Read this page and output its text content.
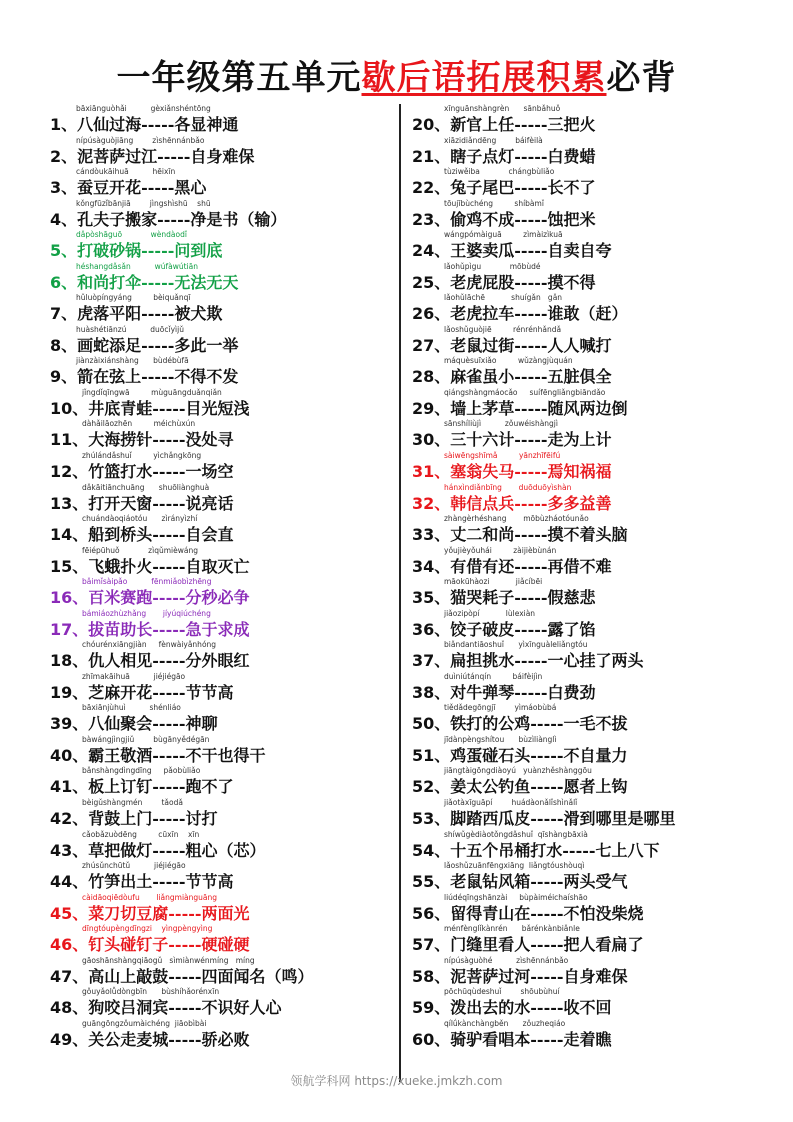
一年级第五单元歇后语拓展积累必背
bāxiānguòhǎi          gèxiǎnshéntōng
1、八仙过海-----各显神通
nípúsàguòjiāng        zìshēnnánbǎo
2、泥菩萨过江-----自身难保
cándòukāihuā          hēixīn
3、蚕豆开花-----黑心
kǒngfūzǐbānjiā        jìngshìshū    shū
4、孔夫子搬家-----净是书（输）
dǎpòshāguō            wèndàodǐ
5、打破砂锅-----问到底
héshangdǎsǎn          wúfàwútiān
6、和尚打伞-----无法无天
hǔluòpíngyáng         bèiquǎnqī
7、虎落平阳-----被犬欺
huàshétiānzú          duōcǐyìjǔ
8、画蛇添足-----多此一举
jiànzàixiánshàng      bùdébùfā
9、箭在弦上-----不得不发
jǐngdǐqīngwā         mùguāngduǎnqiǎn
10、井底青蛙-----目光短浅
dàhǎilāozhēn         méichùxún
11、大海捞针-----没处寻
zhúlándǎshuǐ         yìchǎngkōng
12、竹篮打水-----一场空
dǎkāitiānchuāng      shuōliànghuà
13、打开天窗-----说亮话
chuándàoqiáotóu      zìrányìzhí
14、船到桥头-----自会直
fēiépūhuǒ            zìqǔmièwáng
15、飞蛾扑火-----自取灭亡
bǎimǐsàipǎo          fēnmiǎobìzhēng
16、百米赛跑-----分秒必争
bámiáozhùzhǎng       jíyúqiúchéng
17、拔苗助长-----急于求成
chóurénxiāngjiàn     fènwàiyǎnhóng
18、仇人相见-----分外眼红
zhīmakāihuā          jiéjiégāo
19、芝麻开花-----节节高
bāxiānjùhuì          shénliáo
39、八仙聚会-----神聊
bàwángjìngjiǔ        bùgānyědégān
40、霸王敬酒-----不干也得干
bǎnshàngdìngdīng     pǎobùliǎo
41、板上订钉-----跑不了
bèigǔshàngmén        tǎodǎ
42、背鼓上门-----讨打
cǎobǎzuòdēng         cūxīn    xīn
43、草把做灯-----粗心（芯）
zhúsǔnchūtǔ          jiéjiégāo
44、竹笋出土-----节节高
càidāoqiēdòufu       liǎngmiànguāng
45、菜刀切豆腐-----两面光
dīngtóupèngdīngzi    yìngpèngyìng
46、钉头碰钉子-----硬碰硬
gāoshānshàngqiāogǔ   sìmiànwénmíng   míng
47、高山上敲鼓-----四面闻名（鸣）
gǒuyǎolǚdòngbīn      bùshíhǎorénxīn
48、狗咬吕洞宾-----不识好人心
guāngōngzǒumàichéng  jiāobìbài
49、关公走麦城-----骄必败
xīnguānshàngrèn      sānbǎhuǒ
20、新官上任-----三把火
xiāzidiǎndēng        báifèilà
21、瞎子点灯-----白费蜡
tùziwěiba            chángbùliǎo
22、兔子尾巴-----长不了
tōujībùchéng         shíbàmǐ
23、偷鸡不成-----蚀把米
wángpómàiguā         zìmàizìkuā
24、王婆卖瓜-----自卖自夸
lǎohǔpìgu            mōbùdé
25、老虎屁股-----摸不得
lǎohǔlāchē           shuígǎn   gǎn
26、老虎拉车-----谁敢（赶）
lǎoshǔguòjiē         rénrénhǎndǎ
27、老鼠过街-----人人喊打
máquèsuīxiǎo         wǔzàngjùquán
28、麻雀虽小-----五脏俱全
qiángshàngmáocǎo     suífēngliǎngbiāndǎo
29、墙上茅草-----随风两边倒
sānshíliùjì          zǒuwéishàngjì
30、三十六计-----走为上计
sàiwēngshīmǎ         yānzhīfēifú
31、塞翁失马-----焉知祸福
hánxìndiǎnbīng       duōduōyìshàn
32、韩信点兵-----多多益善
zhàngèrhéshang       mōbùzháotóunǎo
33、丈二和尚-----摸不着头脑
yǒujièyǒuhái         zàijièbùnán
34、有借有还-----再借不难
māokūhàozi           jiǎcíbēi
35、猫哭耗子-----假慈悲
jiǎozipòpí           lùlexiàn
36、饺子破皮-----露了馅
biǎndantiāoshuǐ      yìxīnguàleliǎngtóu
37、扁担挑水-----一心挂了两头
duìniútánqín         báifèijìn
38、对牛弹琴-----白费劲
tiědǎdegōngjī        yìmáobùbá
50、铁打的公鸡-----一毛不拔
jīdànpèngshítou      bùzìliànglì
51、鸡蛋碰石头-----不自量力
jiāngtàigōngdiàoyú   yuànzhěshànggōu
52、姜太公钓鱼-----愿者上钩
jiǎotàxīguāpí        huádàonǎlǐshìnǎlǐ
53、脚踏西瓜皮-----滑到哪里是哪里
shíwǔgèdiàotǒngdǎshuǐ  qīshàngbāxià
54、十五个吊桶打水-----七上八下
lǎoshǔzuānfēngxiāng  liǎngtóushòuqì
55、老鼠钻风箱-----两头受气
liúdéqīngshānzài     bùpàiméichaíshāo
56、留得青山在-----不怕没柴烧
ménfènglǐkànrén      bǎrénkànbiǎnle
57、门缝里看人-----把人看扁了
nípúsàguòhé          zìshēnnánbǎo
58、泥菩萨过河-----自身难保
pōchūqùdeshuǐ        shōubùhuí
59、泼出去的水-----收不回
qílǘkànchàngběn      zǒuzheqiáo
60、骑驴看唱本-----走着瞧
领航学科网 https://xueke.jmkzh.com
